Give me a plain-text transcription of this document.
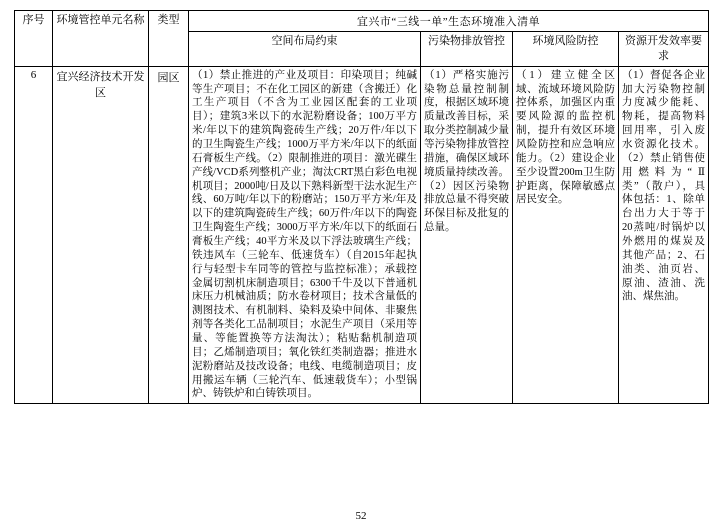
序号	环境管控单元名称	类型	宜兴市“三线一单”生态环境准入清单			
			空间布局约束	污染物排放管控	环境风险防控	资源开发效率要求
6	宜兴经济技术开发区	园区	（1）禁止推进的产业及项目：印染项目；纯碱等生产项目；不在化工园区的新建（含搬迁）化工生产项目（不含为工业园区配套的工业项目）；建筑3米以下的水泥粉磨设备；100万平方米/年以下的建筑陶瓷砖生产线；20万件/年以下的卫生陶瓷生产线；1000万平方米/年以下的纸面石膏板生产线。（2）限制推进的项目：激光碟生产线/VCD系列整机产业；淘汰CRT黑白彩色电视机项目；2000吨/日及以下熟料新型干法水泥生产线、60万吨/年以下的粉磨站；150万平方米/年及以下的建筑陶瓷砖生产线；60万件/年以下的陶瓷卫生陶瓷生产线；3000万平方米/年以下的纸面石膏板生产线；40平方米及以下浮法玻璃生产线；铁违风车（三轮车、低速货车）（自2015年起执行与轻型卡车同等的管控与监控标准）；承载控金属切割机床制造项目；6300千牛及以下普通机床压力机械油质；防水卷材项目；技术含量低的测图技术、有机制料、染料及染中间体、非聚焦剂等各类化工品制项目；水泥生产项目（采用等量、等能置换等方法淘汰）；粘贴黏机制造项目；乙烯制造项目；氧化铁红类制造器；推进水泥粉磨站及技改设备；电线、电缆制造项目；皮用搬运车辆（三轮汽车、低速载货车）；小型锅炉、铸铁炉和白铸铁项目。	（1）严格实施污染物总量控制制度，根据区域环境质量改善目标，采取分类控制减少量等污染物排放管控措施，确保区域环境质量持续改善。（2）因区污染物排放总量不得突破环保目标及批复的总量。	（1）建立健全区域、流域环境风险防控体系，加强区内重要风险源的监控机制，提升有效区环境风险防控和应急响应能力。（2）建设企业至少设置200m卫生防护距离，保障敏感点居民安全。	（1）督促各企业加大污染物控制力度减少能耗、物耗，提高物料回用率，引入废水资源化技术。（2）禁止销售使用燃料为“Ⅱ类”（散户），具体包括：1、除单台出力大于等于20蒸吨/时锅炉以外燃用的煤炭及其他产品；2、石油类、油页岩、原油、渣油、洗油、煤焦油。
52
